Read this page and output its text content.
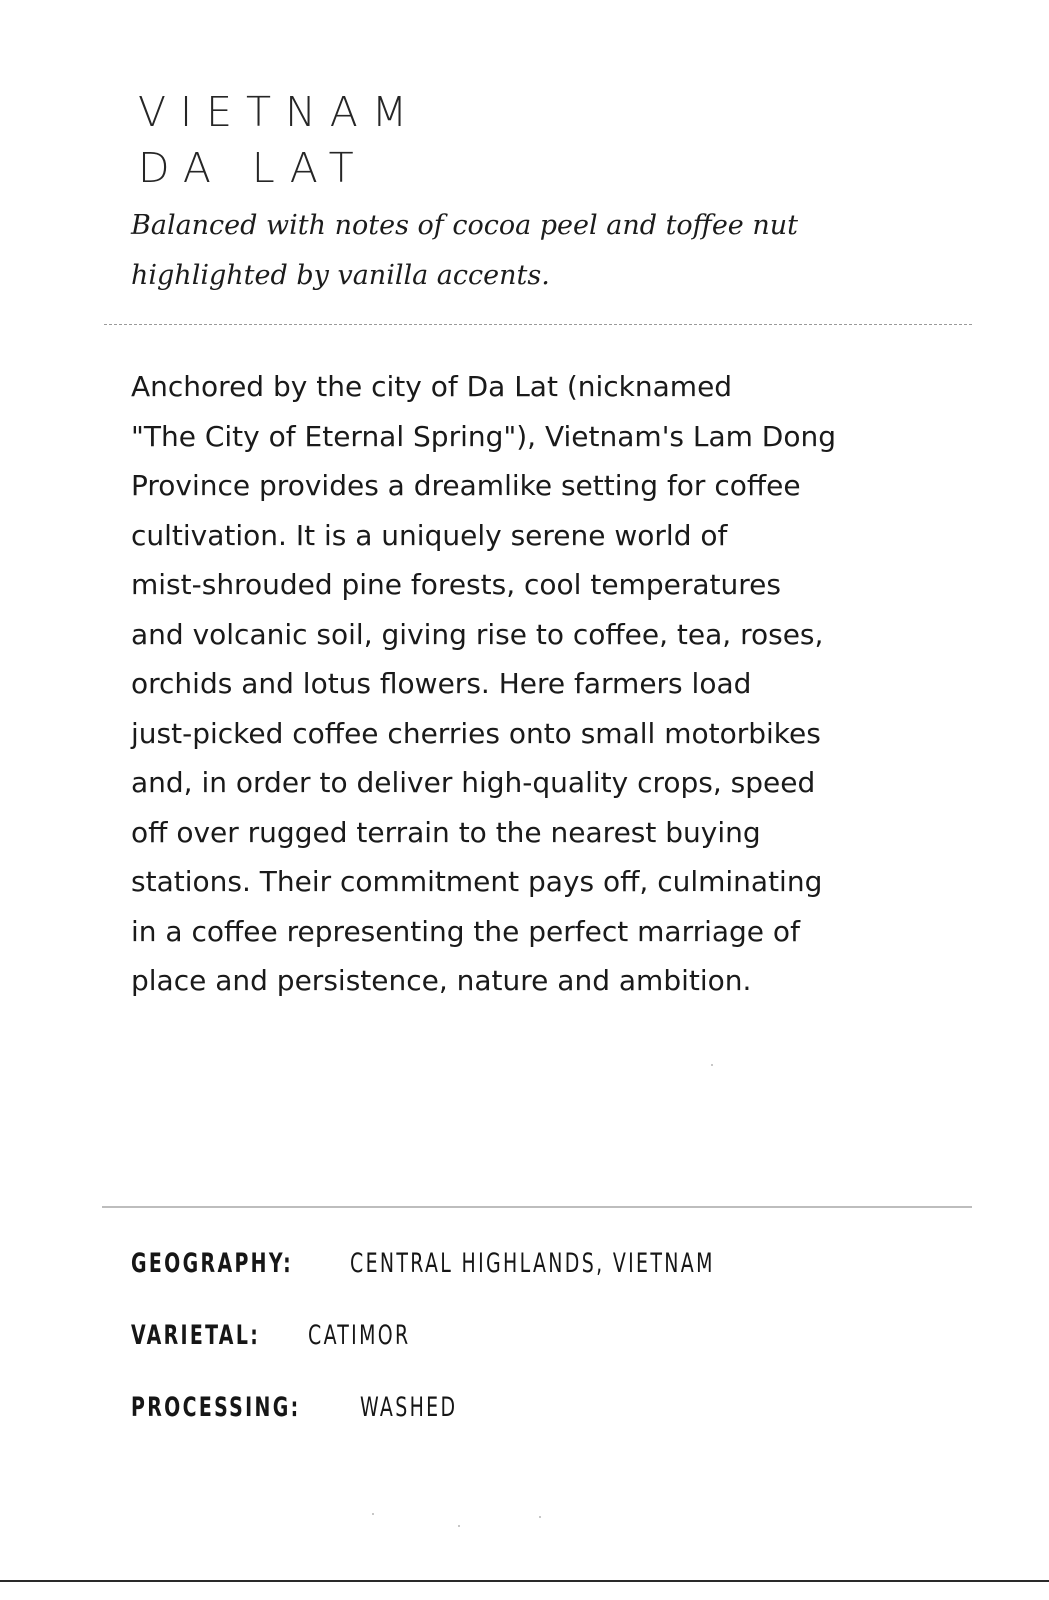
VIETNAM
DA LAT

Balanced with notes of cocoa peel and toffee nut
highlighted by vanilla accents.

Anchored by the city of Da Lat (nicknamed
"The City of Eternal Spring"), Vietnam's Lam Dong
Province provides a dreamlike setting for coffee
cultivation. It is a uniquely serene world of
mist-shrouded pine forests, cool temperatures
and volcanic soil, giving rise to coffee, tea, roses,
orchids and lotus flowers. Here farmers load
just-picked coffee cherries onto small motorbikes
and, in order to deliver high-quality crops, speed
off over rugged terrain to the nearest buying
stations. Their commitment pays off, culminating
in a coffee representing the perfect marriage of
place and persistence, nature and ambition.

GEOGRAPHY: CENTRAL HIGHLANDS, VIETNAM
VARIETAL: CATIMOR
PROCESSING: WASHED
